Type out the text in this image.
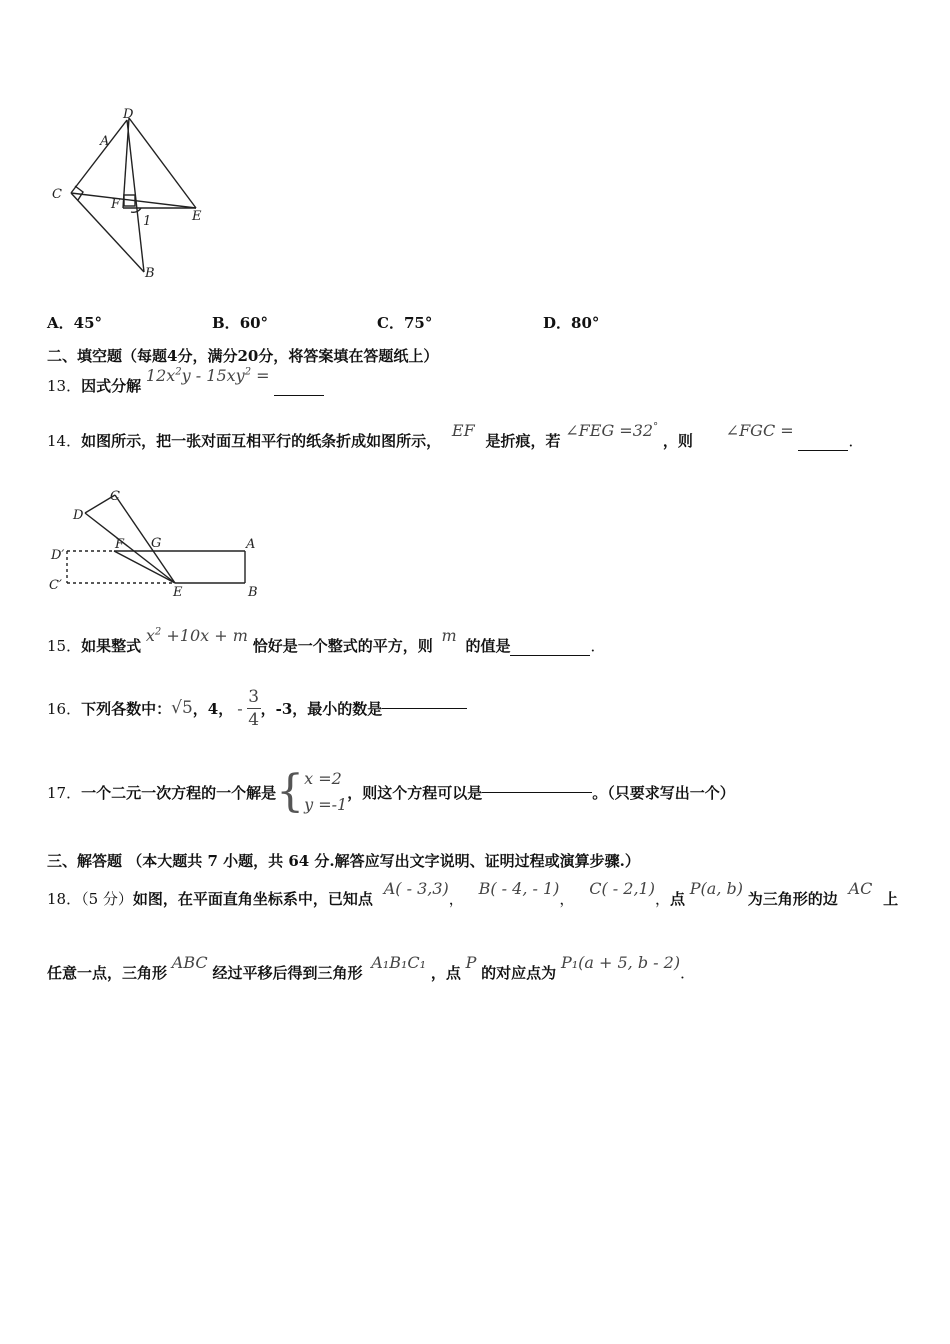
D
A
C
F
E
B
1
A．45°	B．60°	C．75°	D．80°
二、填空题（每题4分，满分20分，将答案填在答题纸上）
13．因式分解 $12x^2y - 15xy^2$ =
14．如图所示，把一张对面互相平行的纸条折成如图所示， EF 是折痕，若 ∠FEG =32° ，则 ∠FGC = ．
D
C
D′
F G	A
C′	E	B
15．如果整式 $x^2 +10x + m$ 恰好是一个整式的平方，则 m 的值是	．
16． 下列各数中： √5 ，4， - $\frac{3}{4}$ ，-3，最小的数是
17． 一个二元一次方程的一个解是 { x =2
y =-1
，则这个方程可以是	。（只要求写出一个）
三、解答题 （本大题共 7 小题，共 64 分.解答应写出文字说明、证明过程或演算步骤.）
18．（5 分）如图，在平面直角坐标系中，已知点 A( - 3,3)， B( - 4, - 1)， C( - 2,1)，点 P(a, b) 为三角形的边 AC 上
任意一点，三角形 ABC 经过平移后得到三角形 A₁B₁C₁ ，点 P 的对应点为 P₁(a + 5, b - 2)．
